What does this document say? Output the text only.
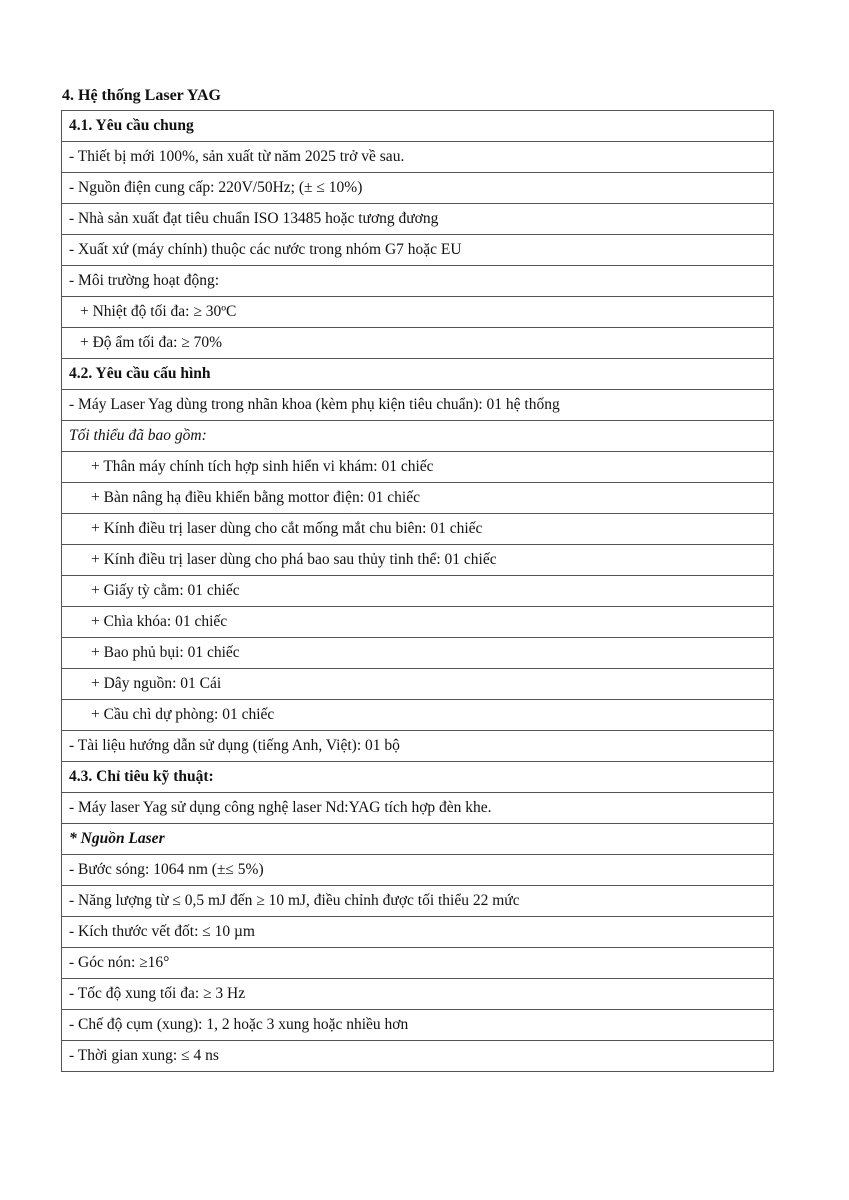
4. Hệ thống Laser YAG
4.1. Yêu cầu chung
- Thiết bị mới 100%, sản xuất từ năm 2025 trở về sau.
- Nguồn điện cung cấp: 220V/50Hz; (± ≤ 10%)
- Nhà sản xuất đạt tiêu chuẩn ISO 13485 hoặc tương đương
- Xuất xứ (máy chính) thuộc các nước trong nhóm G7 hoặc EU
- Môi trường hoạt động:
+ Nhiệt độ tối đa: ≥ 30ºC
+ Độ ẩm tối đa: ≥ 70%
4.2. Yêu cầu cấu hình
- Máy Laser Yag dùng trong nhãn khoa (kèm phụ kiện tiêu chuẩn): 01 hệ thống
Tối thiểu đã bao gồm:
+ Thân máy chính tích hợp sinh hiển vi khám: 01 chiếc
+ Bàn nâng hạ điều khiển bằng mottor điện: 01 chiếc
+ Kính điều trị laser dùng cho cắt mống mắt chu biên: 01 chiếc
+ Kính điều trị laser dùng cho phá bao sau thủy tinh thể: 01 chiếc
+ Giấy tỳ cằm: 01 chiếc
+ Chìa khóa: 01 chiếc
+ Bao phủ bụi: 01 chiếc
+ Dây nguồn: 01 Cái
+ Cầu chì dự phòng: 01 chiếc
- Tài liệu hướng dẫn sử dụng (tiếng Anh, Việt): 01 bộ
4.3. Chỉ tiêu kỹ thuật:
- Máy laser Yag sử dụng công nghệ laser Nd:YAG tích hợp đèn khe.
* Nguồn Laser
- Bước sóng: 1064 nm (±≤ 5%)
- Năng lượng từ ≤ 0,5 mJ đến ≥ 10 mJ, điều chỉnh được tối thiểu 22 mức
- Kích thước vết đốt: ≤ 10 µm
- Góc nón: ≥16°
- Tốc độ xung tối đa: ≥ 3 Hz
- Chế độ cụm (xung): 1, 2 hoặc 3 xung hoặc nhiều hơn
- Thời gian xung: ≤ 4 ns
